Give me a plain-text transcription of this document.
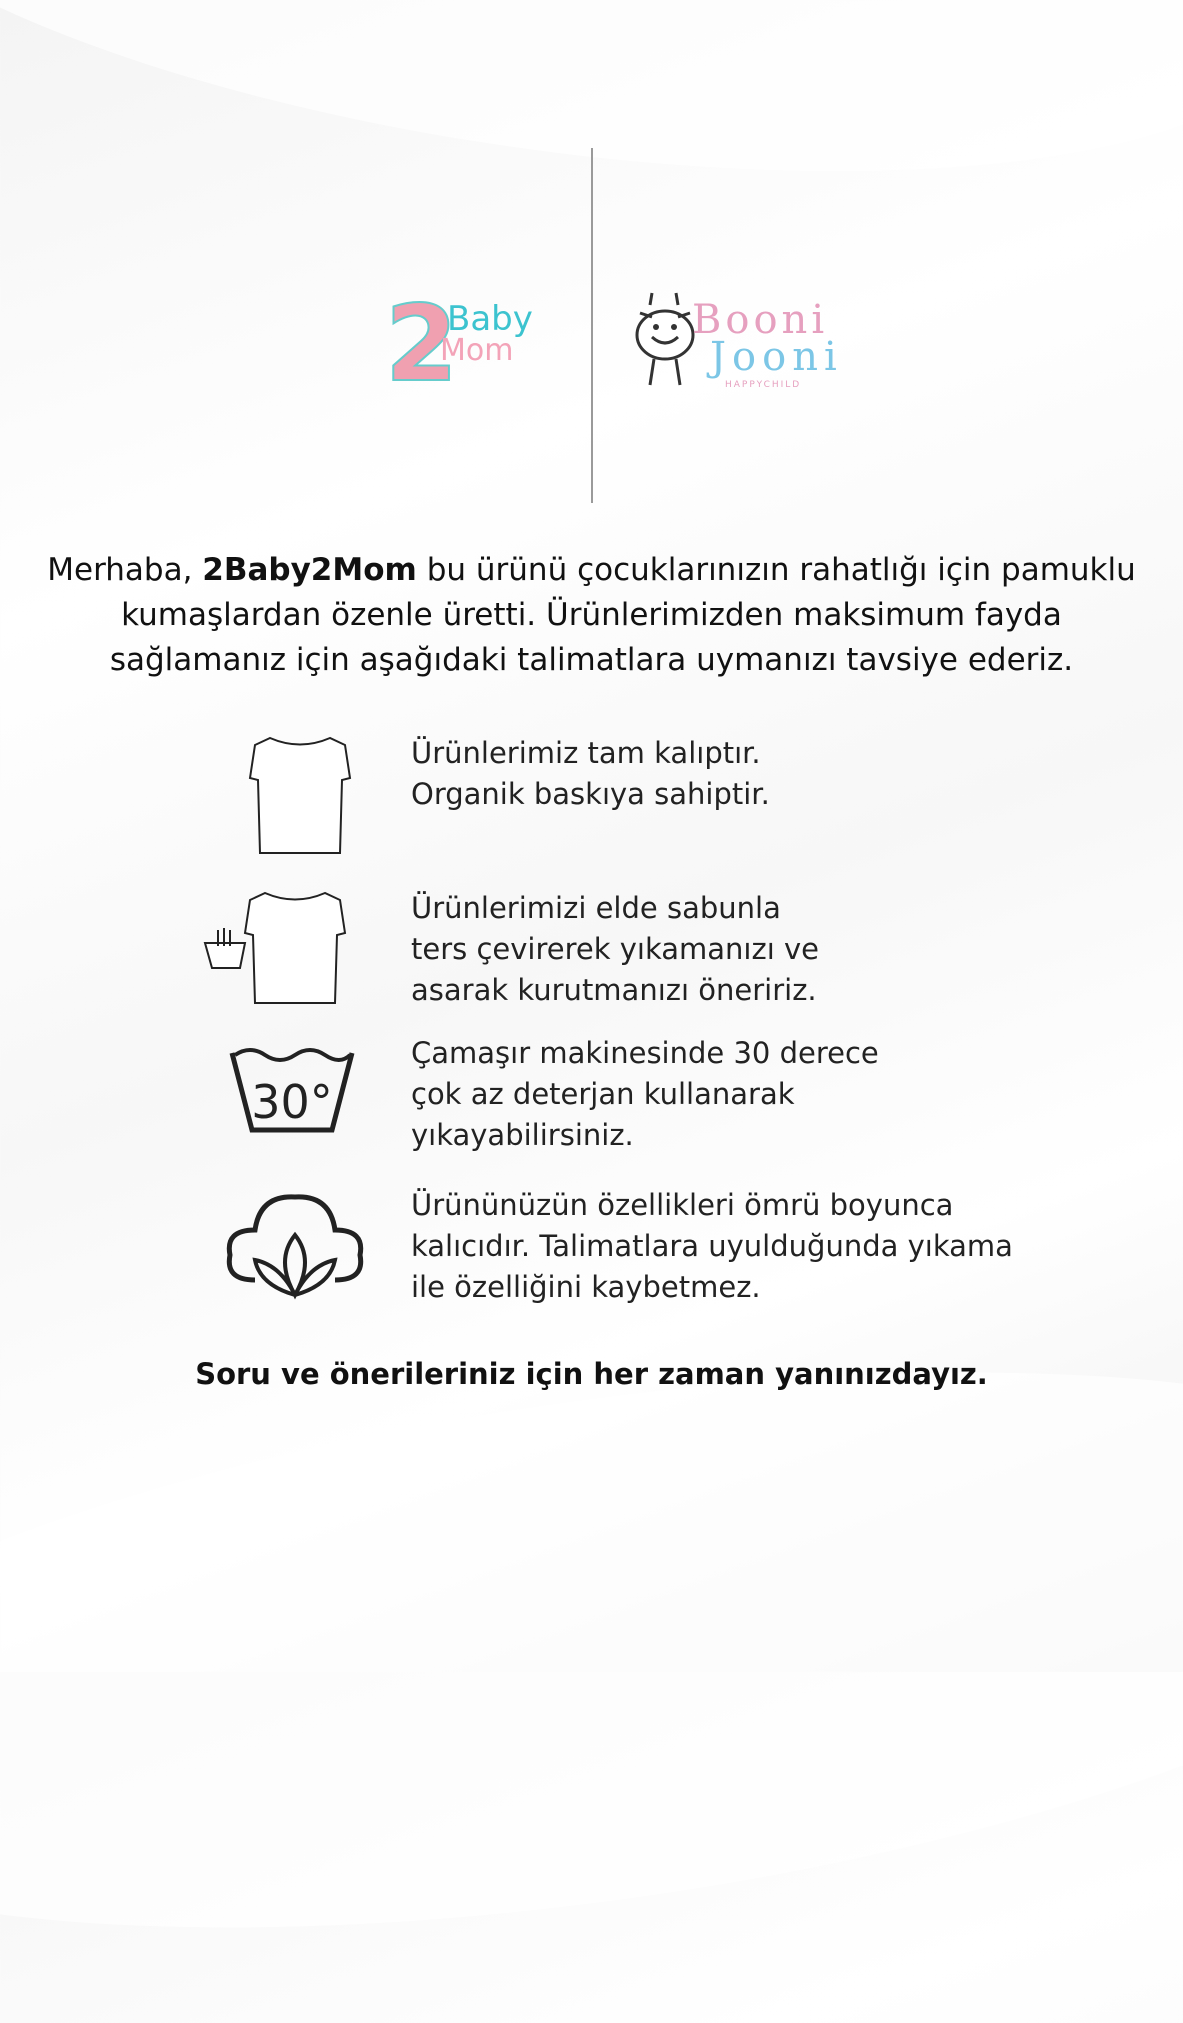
2
Baby
Mom
Booni
Jooni
HAPPYCHILD

Merhaba, 2Baby2Mom bu ürünü çocuklarınızın rahatlığı için pamuklu kumaşlardan özenle üretti. Ürünlerimizden maksimum fayda sağlamanız için aşağıdaki talimatlara uymanızı tavsiye ederiz.

Ürünlerimiz tam kalıptır.
Organik baskıya sahiptir.
Ürünlerimizi elde sabunla
ters çevirerek yıkamanızı ve
asarak kurutmanızı öneririz.
30°
Çamaşır makinesinde 30 derece
çok az deterjan kullanarak
yıkayabilirsiniz.
Ürününüzün özellikleri ömrü boyunca
kalıcıdır. Talimatlara uyulduğunda yıkama
ile özelliğini kaybetmez.

Soru ve önerileriniz için her zaman yanınızdayız.
